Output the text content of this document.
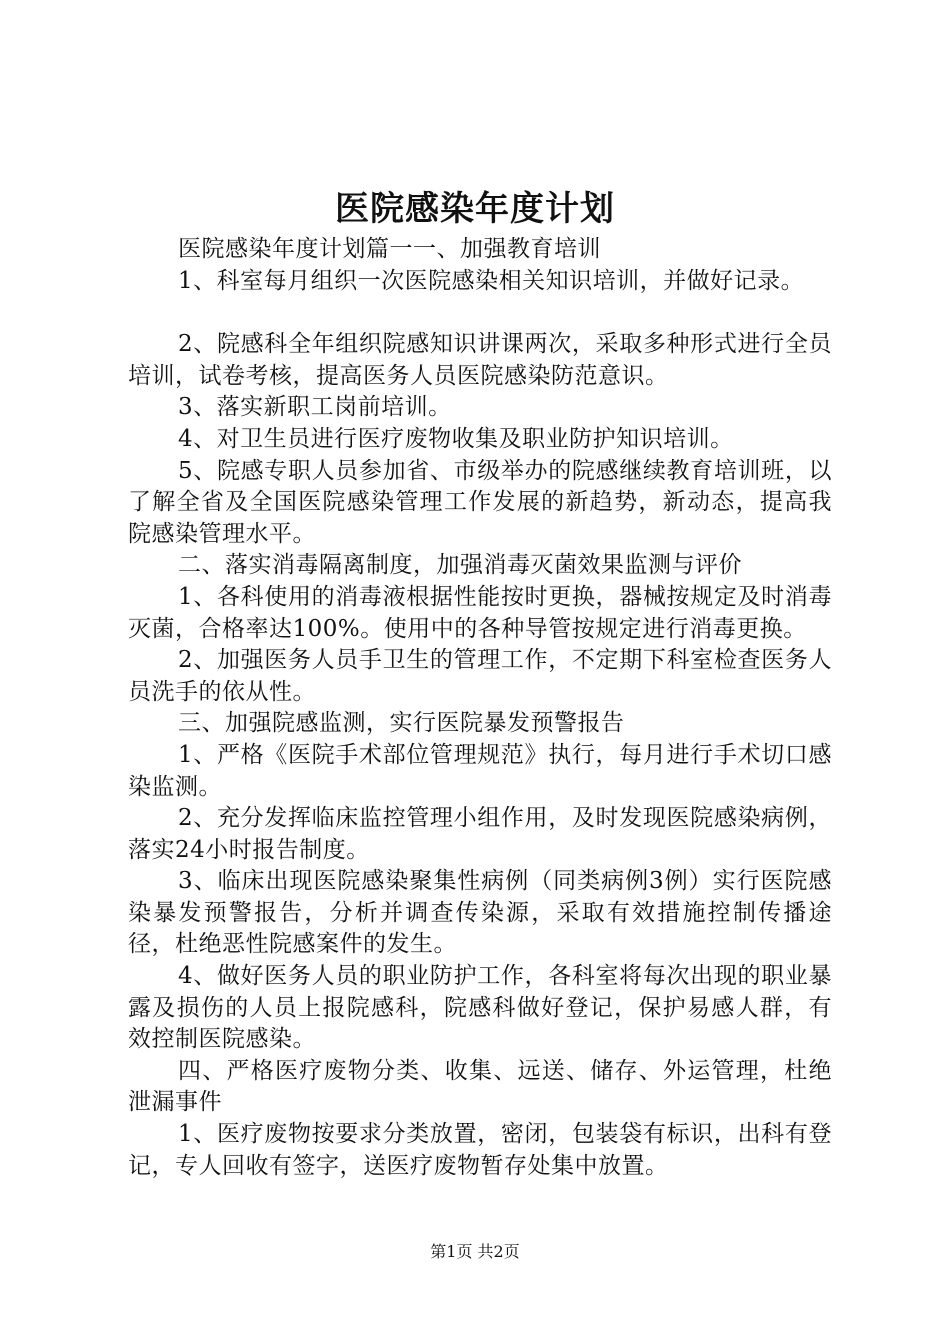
医院感染年度计划

医院感染年度计划篇一一、加强教育培训

1、科室每月组织一次医院感染相关知识培训，并做好记录。

2、院感科全年组织院感知识讲课两次，采取多种形式进行全员培训，试卷考核，提高医务人员医院感染防范意识。

3、落实新职工岗前培训。

4、对卫生员进行医疗废物收集及职业防护知识培训。

5、院感专职人员参加省、市级举办的院感继续教育培训班，以了解全省及全国医院感染管理工作发展的新趋势，新动态，提高我院感染管理水平。

二、落实消毒隔离制度，加强消毒灭菌效果监测与评价

1、各科使用的消毒液根据性能按时更换，器械按规定及时消毒灭菌，合格率达100%。使用中的各种导管按规定进行消毒更换。

2、加强医务人员手卫生的管理工作，不定期下科室检查医务人员洗手的依从性。

三、加强院感监测，实行医院暴发预警报告

1、严格《医院手术部位管理规范》执行，每月进行手术切口感染监测。

2、充分发挥临床监控管理小组作用，及时发现医院感染病例，落实24小时报告制度。

3、临床出现医院感染聚集性病例（同类病例3例）实行医院感染暴发预警报告，分析并调查传染源，采取有效措施控制传播途径，杜绝恶性院感案件的发生。

4、做好医务人员的职业防护工作，各科室将每次出现的职业暴露及损伤的人员上报院感科，院感科做好登记，保护易感人群，有效控制医院感染。

四、严格医疗废物分类、收集、远送、储存、外运管理，杜绝泄漏事件

1、医疗废物按要求分类放置，密闭，包装袋有标识，出科有登记，专人回收有签字，送医疗废物暂存处集中放置。

第1页 共2页
